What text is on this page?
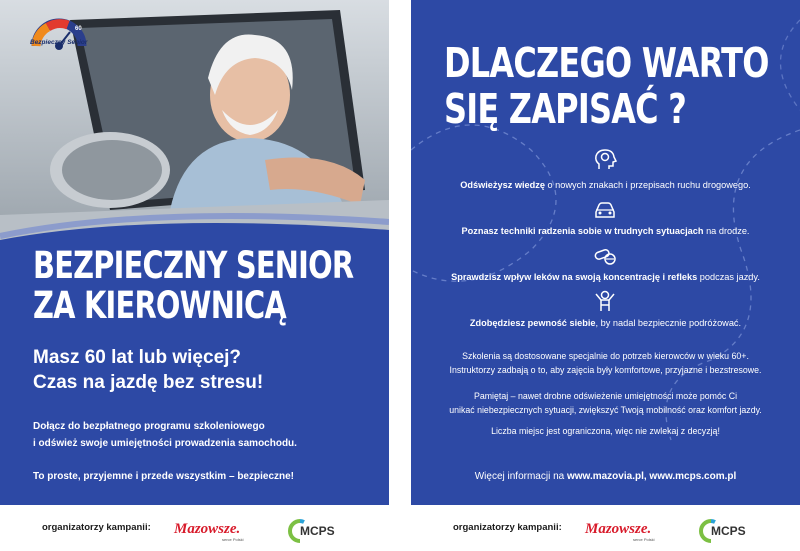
60
Bezpieczny Senior
BEZPIECZNY SENIOR
ZA KIEROWNICĄ
Masz 60 lat lub więcej?
Czas na jazdę bez stresu!
Dołącz do bezpłatnego programu szkoleniowego
i odśwież swoje umiejętności prowadzenia samochodu.
To proste, przyjemne i przede wszystkim – bezpieczne!
organizatorzy kampanii: Mazowsze.
serce Polski
MCPS
DLACZEGO WARTO
SIĘ ZAPISAĆ ?
Odświeżysz wiedzę o nowych znakach i przepisach ruchu drogowego.
Poznasz techniki radzenia sobie w trudnych sytuacjach na drodze.
Sprawdzisz wpływ leków na swoją koncentrację i refleks podczas jazdy.
Zdobędziesz pewność siebie, by nadal bezpiecznie podróżować.
Szkolenia są dostosowane specjalnie do potrzeb kierowców w wieku 60+.
Instruktorzy zadbają o to, aby zajęcia były komfortowe, przyjazne i bezstresowe.
Pamiętaj – nawet drobne odświeżenie umiejętności może pomóc Ci
unikać niebezpiecznych sytuacji, zwiększyć Twoją mobilność oraz komfort jazdy.
Liczba miejsc jest ograniczona, więc nie zwlekaj z decyzją!
Więcej informacji na www.mazovia.pl, www.mcps.com.pl
organizatorzy kampanii: Mazowsze.
serce Polski
MCPS
